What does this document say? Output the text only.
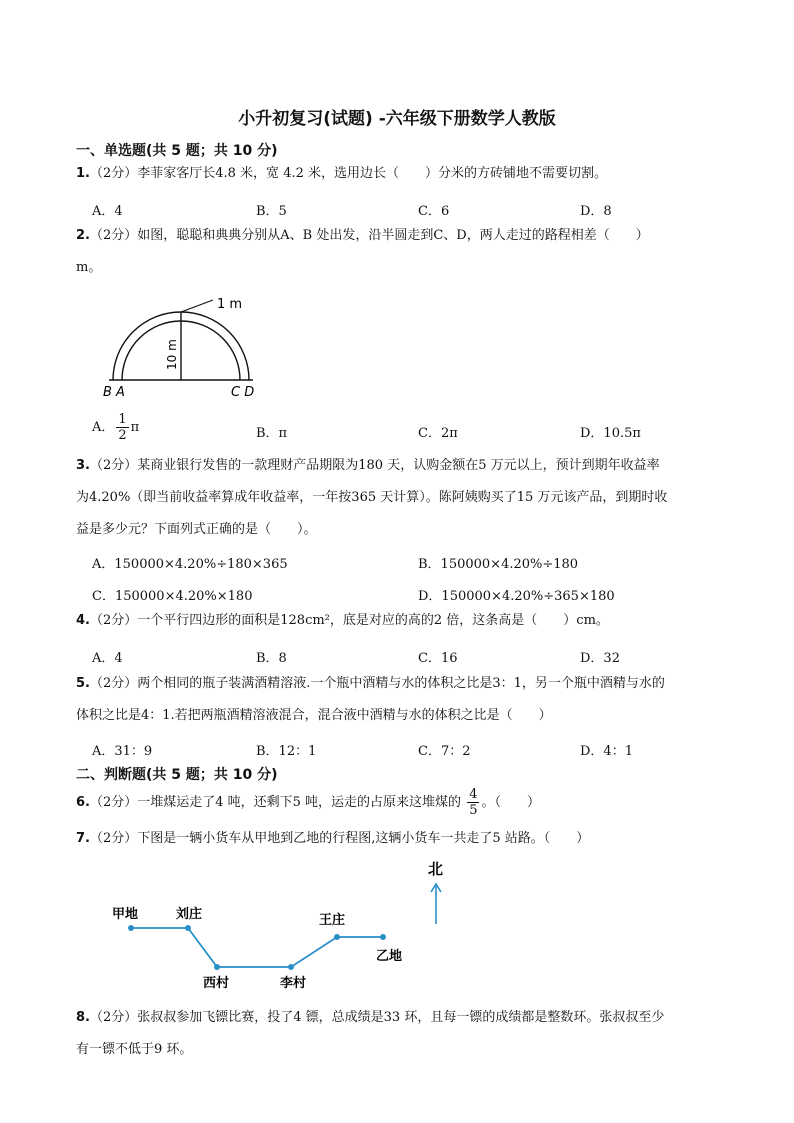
小升初复习(试题) -六年级下册数学人教版
一、单选题(共 5 题；共 10 分)
1.（2分）李菲家客厅长4.8 米，宽 4.2 米，选用边长（　　）分米的方砖铺地不需要切割。
A．4	B．5	C．6	D．8
2.（2分）如图，聪聪和典典分别从A、B 处出发，沿半圆走到C、D，两人走过的路程相差（　　）
m。
1 m
10 m
B A	C D
A． $\frac{1}{2}$ π	B．π	C．2π	D．10.5π
3.（2分）某商业银行发售的一款理财产品期限为180 天，认购金额在5 万元以上，预计到期年收益率
为4.20%（即当前收益率算成年收益率，一年按365 天计算）。陈阿姨购买了15 万元该产品，到期时收
益是多少元？下面列式正确的是（　　）。
A．150000×4.20%÷180×365	B．150000×4.20%÷180
C．150000×4.20%×180	D．150000×4.20%÷365×180
4.（2分）一个平行四边形的面积是128cm²，底是对应的高的2 倍，这条高是（　　）cm。
A．4	B．8	C．16	D．32
5.（2分）两个相同的瓶子装满酒精溶液.一个瓶中酒精与水的体积之比是3：1，另一个瓶中酒精与水的
体积之比是4：1.若把两瓶酒精溶液混合，混合液中酒精与水的体积之比是（　　）
A．31：9	B．12：1	C．7：2	D．4：1
二、判断题(共 5 题；共 10 分)
6.（2分）一堆煤运走了4 吨，还剩下5 吨，运走的占原来这堆煤的 $\frac{4}{5}$ 。（　　）
7.（2分）下图是一辆小货车从甲地到乙地的行程图,这辆小货车一共走了5 站路。（　　）
北
甲地	刘庄
西村	李村
王庄
乙地
8.（2分）张叔叔参加飞镖比赛，投了4 镖，总成绩是33 环，且每一镖的成绩都是整数环。张叔叔至少
有一镖不低于9 环。
